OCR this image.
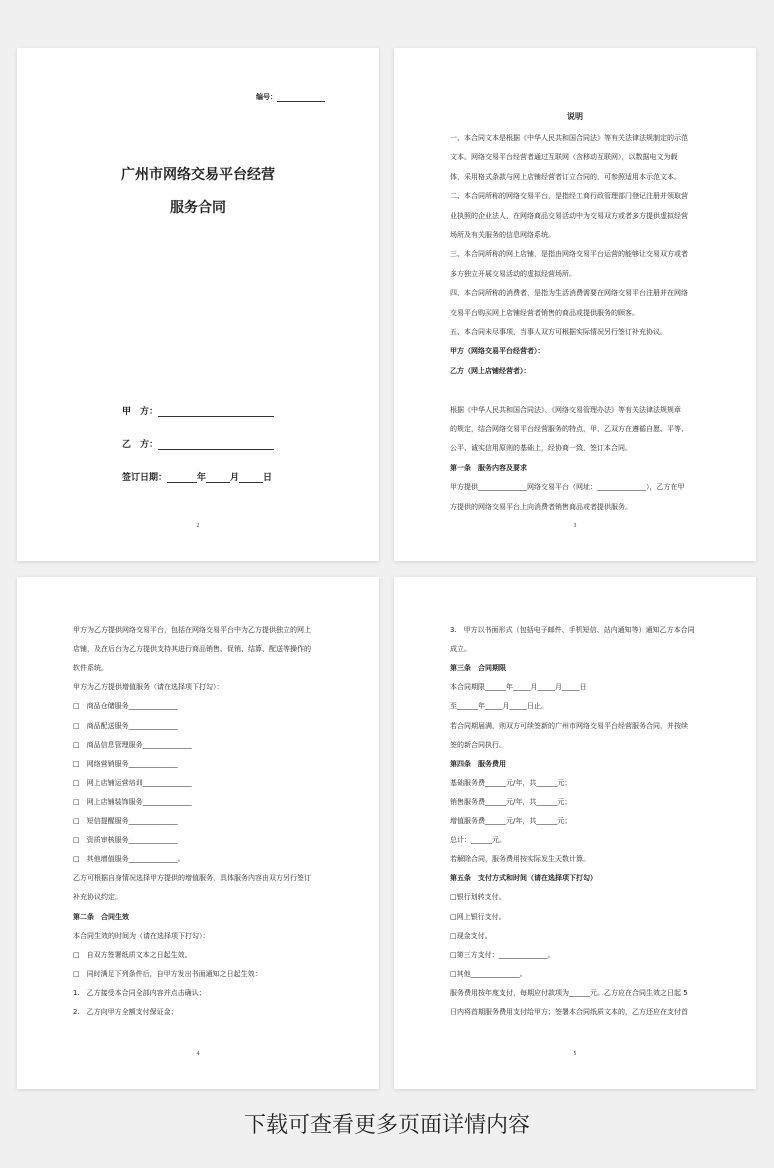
编号：
广州市网络交易平台经营
服务合同
甲　方：
乙　方：
签订日期：	年	月	日
2
说明
一、本合同文本是根据《中华人民共和国合同法》等有关法律法规制定的示范
文本。网络交易平台经营者通过互联网（含移动互联网），以数据电文为载
体，采用格式条款与网上店铺经营者订立合同的，可参照适用本示范文本。
二、本合同所称的网络交易平台，是指经工商行政管理部门登记注册并领取营
业执照的企业法人，在网络商品交易活动中为交易双方或者多方提供虚拟经营
场所及有关服务的信息网络系统。
三、本合同所称的网上店铺，是指由网络交易平台运营的能够让交易双方或者
多方独立开展交易活动的虚拟经营场所。
四、本合同所称的消费者，是指为生活消费需要在网络交易平台注册并在网络
交易平台购买网上店铺经营者销售的商品或提供服务的顾客。
五、本合同未尽事项，当事人双方可根据实际情况另行签订补充协议。
甲方（网络交易平台经营者）：
乙方（网上店铺经营者）：
根据《中华人民共和国合同法》、《网络交易管理办法》等有关法律法规规章
的规定，结合网络交易平台经营服务的特点，甲、乙双方在遵循自愿、平等、
公平、诚实信用原则的基础上，经协商一致，签订本合同。
第一条　服务内容及要求
甲方提供______________网络交易平台（网址：______________），乙方在甲
方提供的网络交易平台上向消费者销售商品或者提供服务。
3
甲方为乙方提供网络交易平台，包括在网络交易平台中为乙方提供独立的网上
店铺，及在后台为乙方提供支持其进行商品销售、促销、结算、配送等操作的
软件系统。
甲方为乙方提供增值服务（请在选择项下打勾）：
□　商品仓储服务______________
□　商品配送服务______________
□　商品信息管理服务______________
□　网络营销服务______________
□　网上店铺运营培训______________
□　网上店铺装饰服务______________
□　短信提醒服务______________
□　资质审核服务______________
□　其他增值服务______________。
乙方可根据自身情况选择甲方提供的增值服务，具体服务内容由双方另行签订
补充协议约定。
第二条　合同生效
本合同生效的时间为（请在选择项下打勾）：
□　自双方签署纸质文本之日起生效。
□　同时满足下列条件后，自甲方发出书面通知之日起生效：
1.　乙方接受本合同全部内容并点击确认；
2.　乙方向甲方全额支付保证金；
4
3.　甲方以书面形式（包括电子邮件、手机短信、站内通知等）通知乙方本合同
成立。
第三条　合同期限
本合同期限______年_____月_____月_____日
至______年_____月_____日止。
若合同期届满，则双方可续签新的广州市网络交易平台经营服务合同，并按续
签的新合同执行。
第四条　服务费用
基础服务费______元/年，共______元；
销售服务费______元/年，共______元；
增值服务费______元/年，共______元；
总计：______元。
若解除合同，服务费用按实际发生天数计算。
第五条　支付方式和时间（请在选择项下打勾）
□银行划转支付。
□网上银行支付。
□现金支付。
□第三方支付：______________。
□其他______________。
服务费用按年度支付，每期应付款项为______元。乙方应在合同生效之日起 5
日内将首期服务费用支付给甲方；签署本合同纸质文本的，乙方还应在支付首
5
下载可查看更多页面详情内容
